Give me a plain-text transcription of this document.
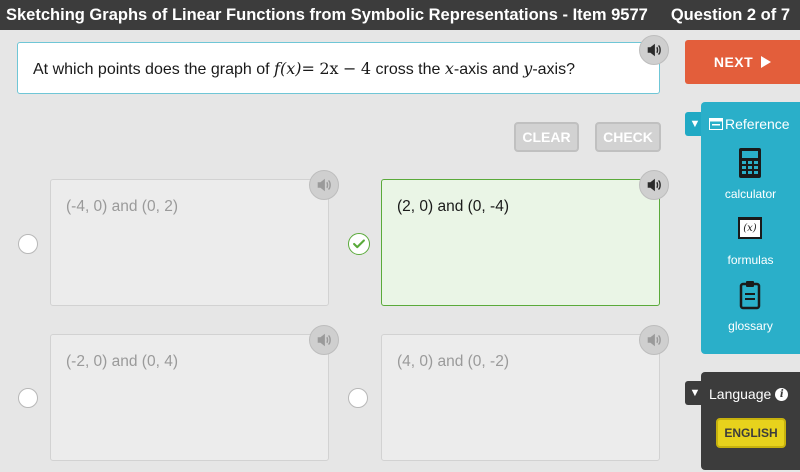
Sketching Graphs of Linear Functions from Symbolic Representations - Item 9577 Question 2 of 7
At which points does the graph of f(x)= 2x − 4 cross the x-axis and y-axis?	NEXT
CLEAR	CHECK
(-4, 0) and (0, 2)	(2, 0) and (0, -4)
(-2, 0) and (0, 4)	(4, 0) and (0, -2)
▼	Reference
calculator
(x)
formulas
glossary
▼ Language i
ENGLISH
